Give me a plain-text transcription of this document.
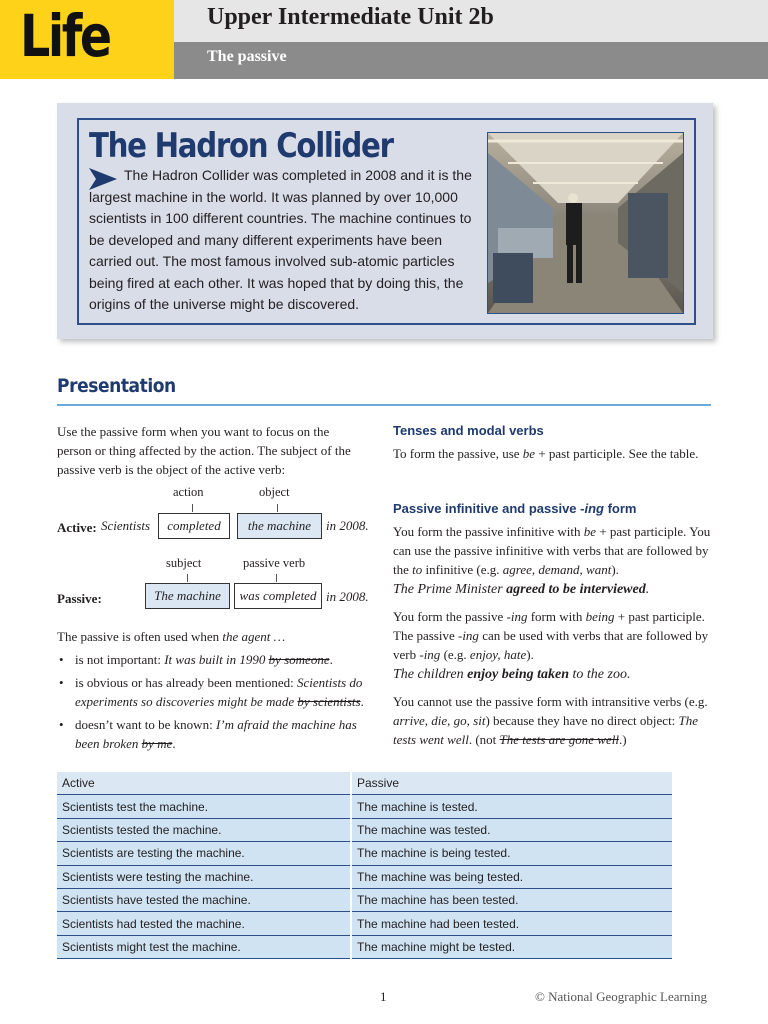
Life	Upper Intermediate Unit 2b
The passive
The Hadron Collider
The Hadron Collider was completed in 2008 and it is the largest machine in the world. It was planned by over 10,000 scientists in 100 different countries. The machine continues to be developed and many different experiments have been carried out. The most famous involved sub-atomic particles being fired at each other. It was hoped that by doing this, the origins of the universe might be discovered.
Presentation
Use the passive form when you want to focus on the person or thing affected by the action. The subject of the passive verb is the object of the active verb:
action	object
Active: Scientists	completed	the machine	in 2008.
subject	passive verb
Passive:	The machine	was completed in 2008.
The passive is often used when the agent …
• is not important: It was built in 1990 by someone.
• is obvious or has already been mentioned: Scientists do experiments so discoveries might be made by scientists.
• doesn’t want to be known: I’m afraid the machine has been broken by me.
Tenses and modal verbs
To form the passive, use be + past participle. See the table.
Passive infinitive and passive -ing form
You form the passive infinitive with be + past participle. You can use the passive infinitive with verbs that are followed by the to infinitive (e.g. agree, demand, want).
The Prime Minister agreed to be interviewed.
You form the passive -ing form with being + past participle. The passive -ing can be used with verbs that are followed by verb -ing (e.g. enjoy, hate).
The children enjoy being taken to the zoo.
You cannot use the passive form with intransitive verbs (e.g. arrive, die, go, sit) because they have no direct object: The tests went well. (not The tests are gone well.)
Active	Passive
Scientists test the machine.	The machine is tested.
Scientists tested the machine.	The machine was tested.
Scientists are testing the machine.	The machine is being tested.
Scientists were testing the machine.	The machine was being tested.
Scientists have tested the machine.	The machine has been tested.
Scientists had tested the machine.	The machine had been tested.
Scientists might test the machine.	The machine might be tested.
1	© National Geographic Learning
